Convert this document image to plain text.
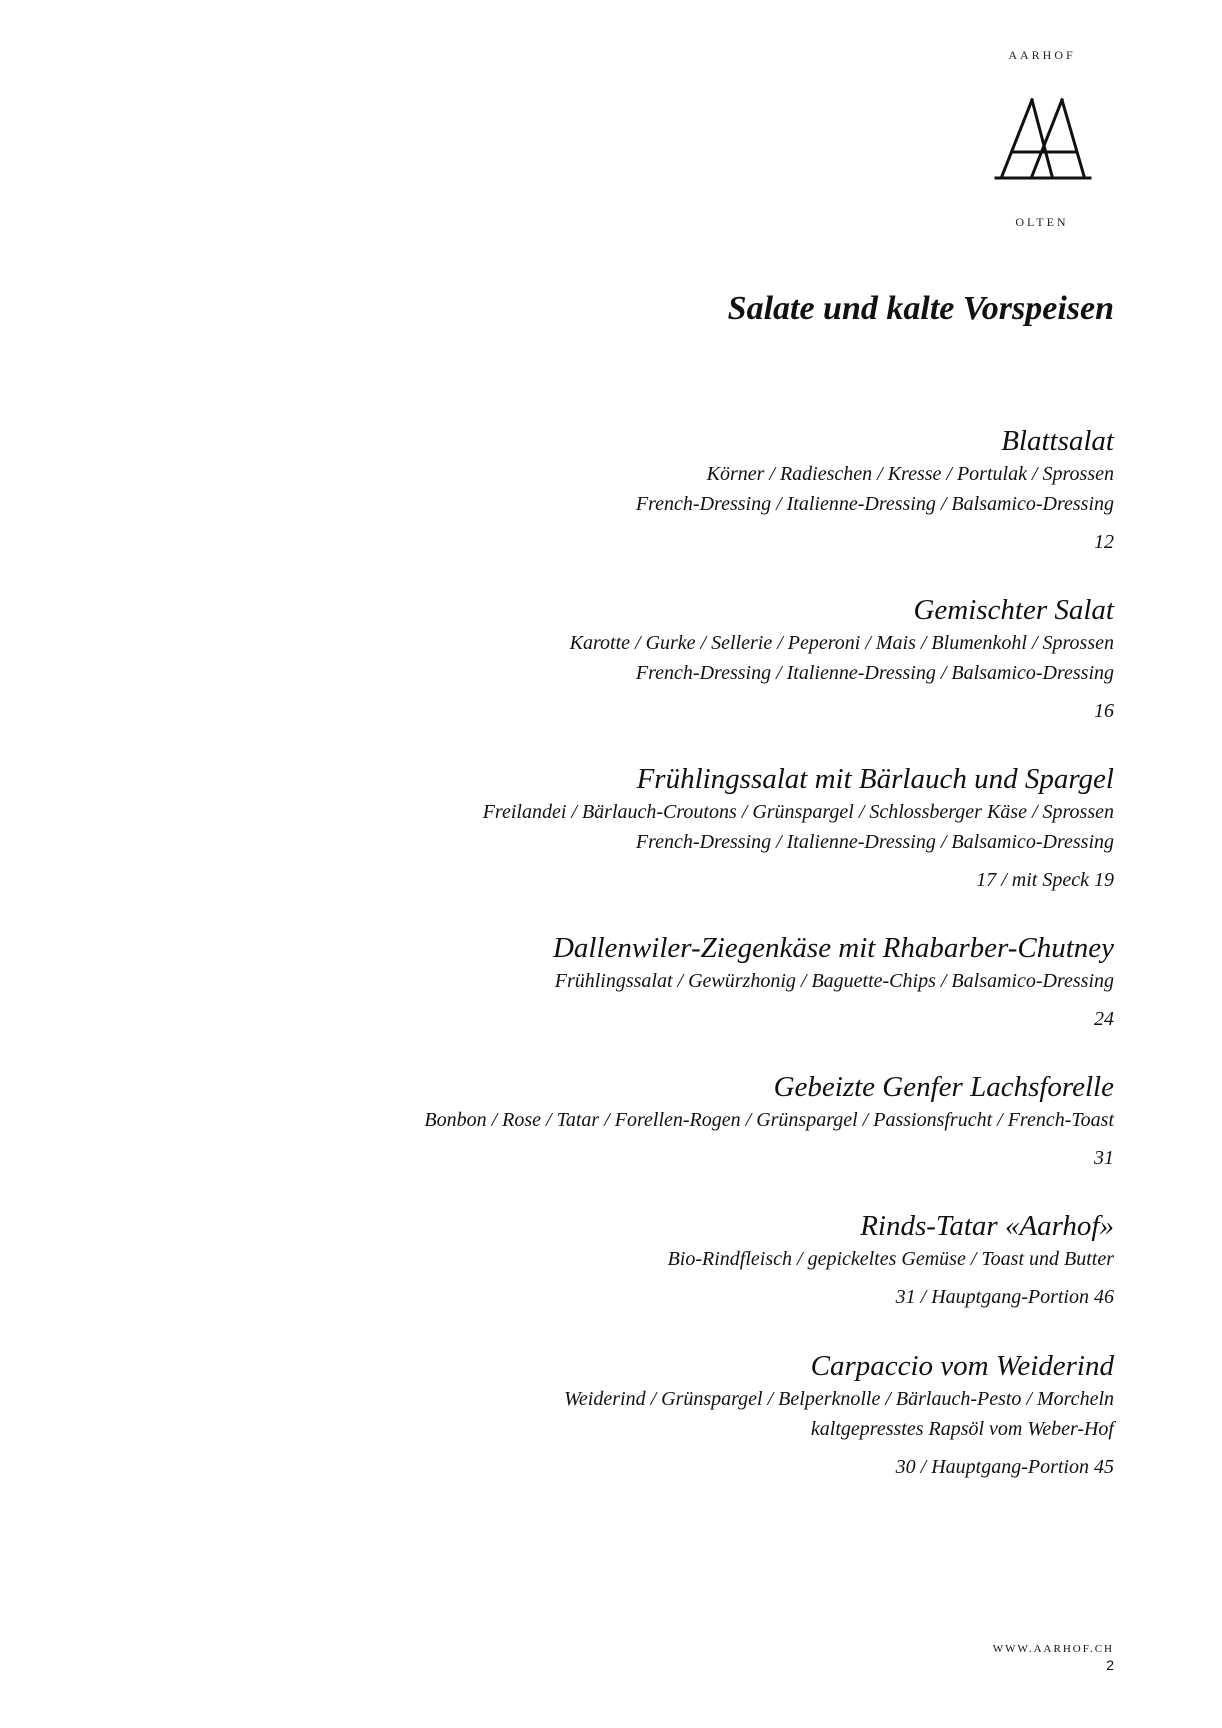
AARHOF
OLTEN
Salate und kalte Vorspeisen
Blattsalat
Körner / Radieschen / Kresse / Portulak / Sprossen
French-Dressing / Italienne-Dressing / Balsamico-Dressing
12
Gemischter Salat
Karotte / Gurke / Sellerie / Peperoni / Mais / Blumenkohl / Sprossen
French-Dressing / Italienne-Dressing / Balsamico-Dressing
16
Frühlingssalat mit Bärlauch und Spargel
Freilandei / Bärlauch-Croutons / Grünspargel / Schlossberger Käse / Sprossen
French-Dressing / Italienne-Dressing / Balsamico-Dressing
17 / mit Speck 19
Dallenwiler-Ziegenkäse mit Rhabarber-Chutney
Frühlingssalat / Gewürzhonig / Baguette-Chips / Balsamico-Dressing
24
Gebeizte Genfer Lachsforelle
Bonbon / Rose / Tatar / Forellen-Rogen / Grünspargel / Passionsfrucht / French-Toast
31
Rinds-Tatar «Aarhof»
Bio-Rindfleisch / gepickeltes Gemüse / Toast und Butter
31 / Hauptgang-Portion 46
Carpaccio vom Weiderind
Weiderind / Grünspargel / Belperknolle / Bärlauch-Pesto / Morcheln
kaltgepresstes Rapsöl vom Weber-Hof
30 / Hauptgang-Portion 45
WWW.AARHOF.CH
2
